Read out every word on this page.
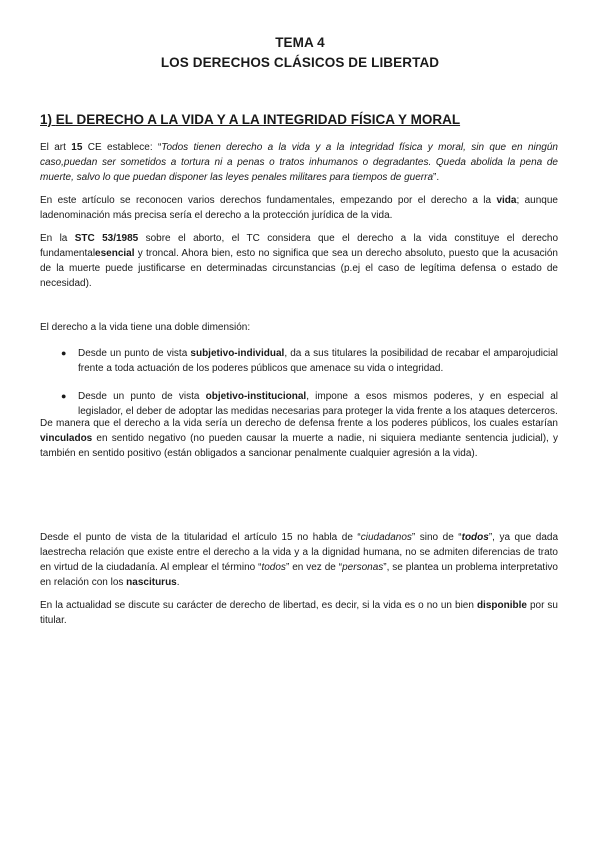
TEMA 4
LOS DERECHOS CLÁSICOS DE LIBERTAD
1) EL DERECHO A LA VIDA Y A LA INTEGRIDAD FÍSICA Y MORAL
El art 15 CE establece: “Todos tienen derecho a la vida y a la integridad física y moral, sin que en ningún caso,puedan ser sometidos a tortura ni a penas o tratos inhumanos o degradantes. Queda abolida la pena de muerte, salvo lo que puedan disponer las leyes penales militares para tiempos de guerra”.
En este artículo se reconocen varios derechos fundamentales, empezando por el derecho a la vida; aunque ladenominación más precisa sería el derecho a la protección jurídica de la vida.
En la STC 53/1985 sobre el aborto, el TC considera que el derecho a la vida constituye el derecho fundamentalesencial y troncal. Ahora bien, esto no significa que sea un derecho absoluto, puesto que la acusación de la muerte puede justificarse en determinadas circunstancias (p.ej el caso de legítima defensa o estado de necesidad).
El derecho a la vida tiene una doble dimensión:
● Desde un punto de vista subjetivo-individual, da a sus titulares la posibilidad de recabar el amparojudicial frente a toda actuación de los poderes públicos que amenace su vida o integridad.
● Desde un punto de vista objetivo-institucional, impone a esos mismos poderes, y en especial al legislador, el deber de adoptar las medidas necesarias para proteger la vida frente a los ataques deterceros.
De manera que el derecho a la vida sería un derecho de defensa frente a los poderes públicos, los cuales estarían vinculados en sentido negativo (no pueden causar la muerte a nadie, ni siquiera mediante sentencia judicial), y también en sentido positivo (están obligados a sancionar penalmente cualquier agresión a la vida).
Desde el punto de vista de la titularidad el artículo 15 no habla de “ciudadanos” sino de “todos”, ya que dada laestrecha relación que existe entre el derecho a la vida y a la dignidad humana, no se admiten diferencias de trato en virtud de la ciudadanía. Al emplear el término “todos” en vez de “personas”, se plantea un problema interpretativo en relación con los nasciturus.
En la actualidad se discute su carácter de derecho de libertad, es decir, si la vida es o no un bien disponible por su titular.
